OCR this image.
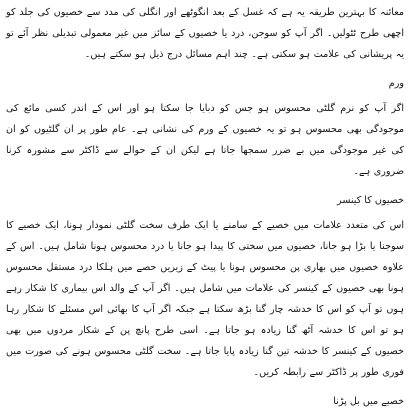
معائنہ کا بہترین طریقہ یہ ہے کہ غسل کے بعد انگوٹھے اور انگلی کی مدد سے خصیوں کی جلد کو اچھی طرح ٹٹولیں۔ اگر آپ کو سوجن، درد یا خصیوں کے سائز میں غیر معمولی تبدیلی نظر آئے تو یہ پریشانی کی علامت ہو سکتی ہے۔ چند اہم مسائل درج ذیل ہو سکتے ہیں۔

ورم

اگر آپ کو نرم گلٹی محسوس ہو جس کو دبایا جا سکتا ہو اور اس کے اندر کسی مائع کی موجودگی بھی محسوس ہو تو یہ خصیوں کے ورم کی نشانی ہے۔ عام طور پر ان گلٹیوں کو ان کی غیر موجودگی میں بے ضرر سمجھا جاتا ہے لیکن ان کے حوالے سے ڈاکٹر سے مشورہ کرنا ضروری ہے۔

خصیوں کا کینسر

اس کی متعدد علامات میں خصیے کے سامنے یا ایک طرف سخت گلٹی نمودار ہونا، ایک خصیے کا سوجنا یا بڑا ہو جانا، خصیوں میں سختی کا پیدا ہو جانا یا درد محسوس ہونا شامل ہیں۔ اس کے علاوہ خصیوں میں بھاری پن محسوس ہونا یا پیٹ کے زیریں حصے میں ہلکا درد مستقل محسوس ہونا بھی خصیوں کے کینسر کی علامات میں شامل ہیں۔ اگر آپ کے والد اس بیماری کا شکار رہے ہوں تو آپ کو اس کا خدشہ چار گنا بڑھ سکتا ہے جبکہ اگر آپ کا بھائی اس مسئلے کا شکار رہا ہو تو اس کا خدشہ آٹھ گنا زیادہ ہو جاتا ہے۔ اسی طرح پانچ پن کے شکار مردوں میں بھی خصیوں کے کینسر کا خدشہ تین گنا زیادہ پایا جاتا ہے۔ سخت گلٹی محسوس ہونے کی صورت میں فوری طور پر ڈاکٹر سے رابطہ کریں۔

خصیے میں بل پڑنا
